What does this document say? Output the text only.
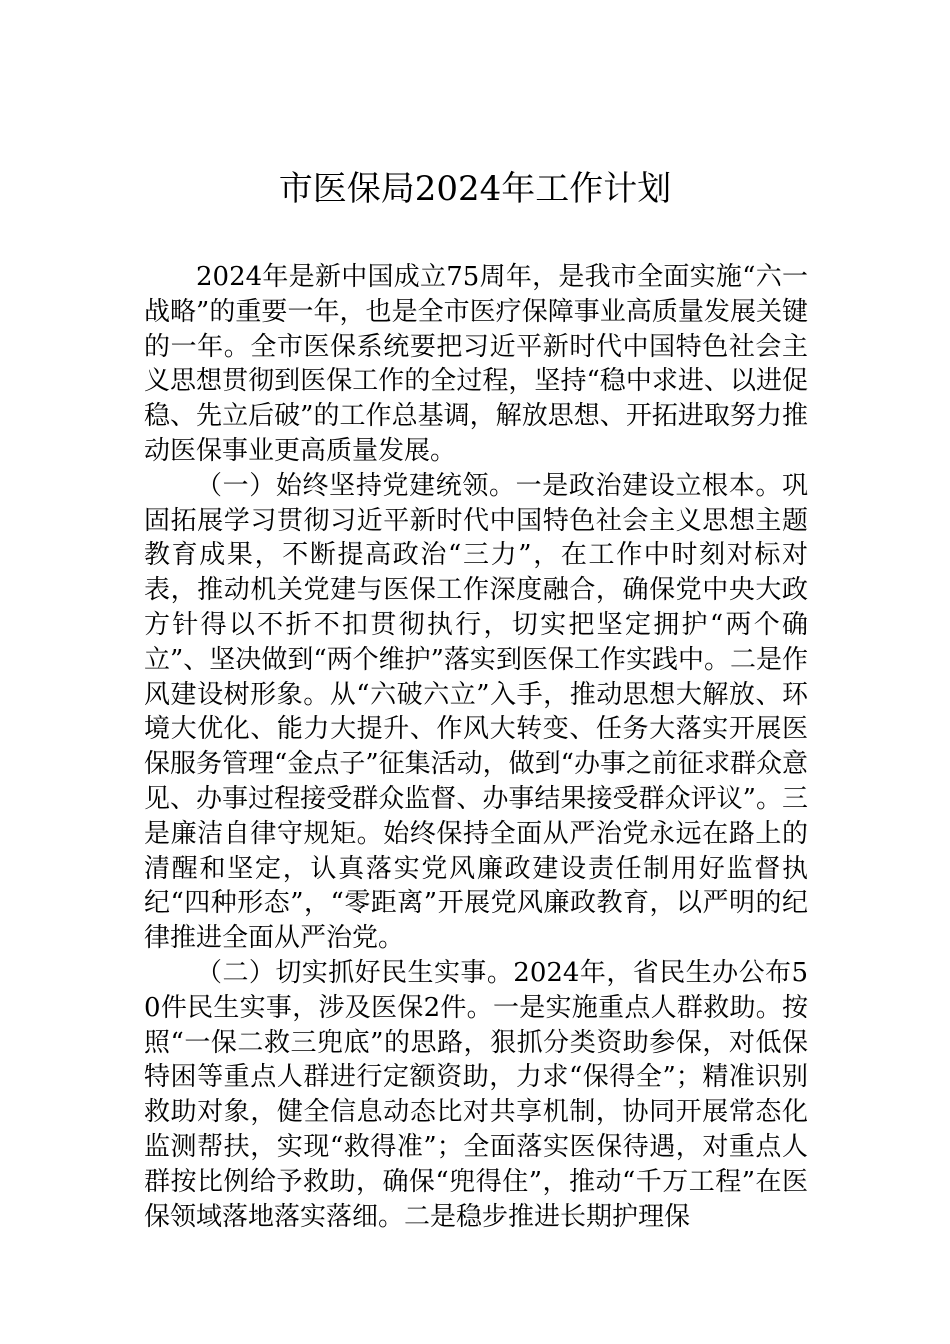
市医保局2024年工作计划

2024年是新中国成立75周年，是我市全面实施“六一战略”的重要一年，也是全市医疗保障事业高质量发展关键的一年。全市医保系统要把习近平新时代中国特色社会主义思想贯彻到医保工作的全过程，坚持“稳中求进、以进促稳、先立后破”的工作总基调，解放思想、开拓进取努力推动医保事业更高质量发展。

（一）始终坚持党建统领。一是政治建设立根本。巩固拓展学习贯彻习近平新时代中国特色社会主义思想主题教育成果，不断提高政治“三力”，在工作中时刻对标对表，推动机关党建与医保工作深度融合，确保党中央大政方针得以不折不扣贯彻执行，切实把坚定拥护“两个确立”、坚决做到“两个维护”落实到医保工作实践中。二是作风建设树形象。从“六破六立”入手，推动思想大解放、环境大优化、能力大提升、作风大转变、任务大落实开展医保服务管理“金点子”征集活动，做到“办事之前征求群众意见、办事过程接受群众监督、办事结果接受群众评议”。三是廉洁自律守规矩。始终保持全面从严治党永远在路上的清醒和坚定，认真落实党风廉政建设责任制用好监督执纪“四种形态”，“零距离”开展党风廉政教育，以严明的纪律推进全面从严治党。

（二）切实抓好民生实事。2024年，省民生办公布50件民生实事，涉及医保2件。一是实施重点人群救助。按照“一保二救三兜底”的思路，狠抓分类资助参保，对低保特困等重点人群进行定额资助，力求“保得全”；精准识别救助对象，健全信息动态比对共享机制，协同开展常态化监测帮扶，实现“救得准”；全面落实医保待遇，对重点人群按比例给予救助，确保“兜得住”，推动“千万工程”在医保领域落地落实落细。二是稳步推进长期护理保
